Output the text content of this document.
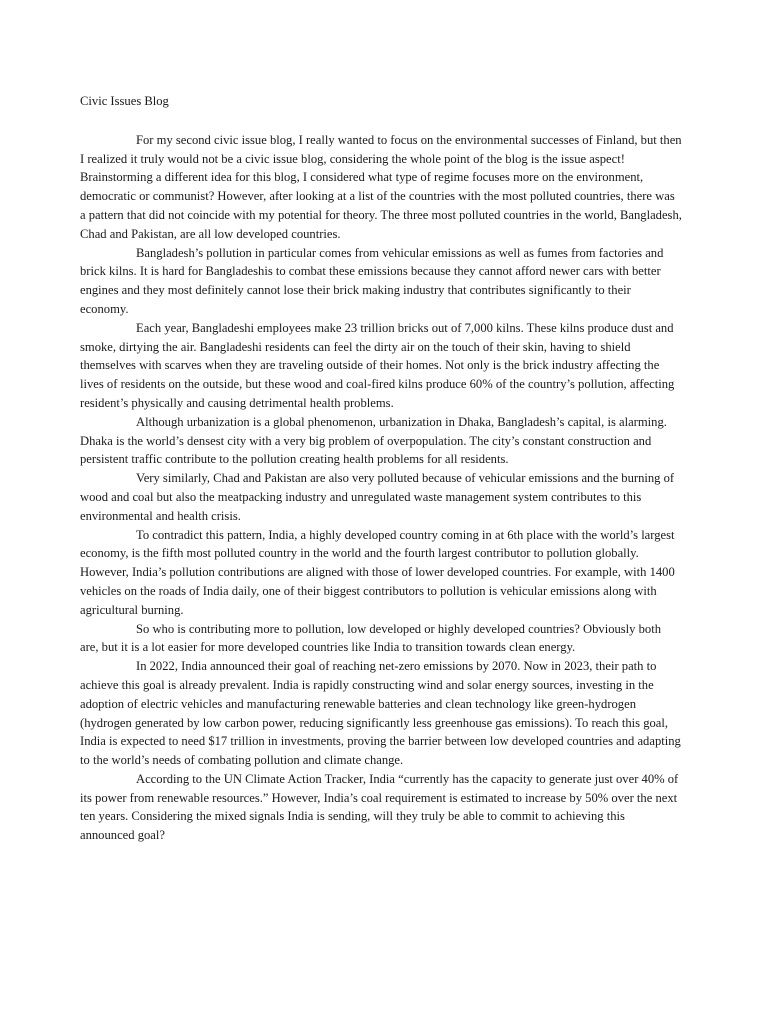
Civic Issues Blog

For my second civic issue blog, I really wanted to focus on the environmental successes of Finland, but then I realized it truly would not be a civic issue blog, considering the whole point of the blog is the issue aspect! Brainstorming a different idea for this blog, I considered what type of regime focuses more on the environment, democratic or communist? However, after looking at a list of the countries with the most polluted countries, there was a pattern that did not coincide with my potential for theory. The three most polluted countries in the world, Bangladesh, Chad and Pakistan, are all low developed countries.

Bangladesh’s pollution in particular comes from vehicular emissions as well as fumes from factories and brick kilns. It is hard for Bangladeshis to combat these emissions because they cannot afford newer cars with better engines and they most definitely cannot lose their brick making industry that contributes significantly to their economy.

Each year, Bangladeshi employees make 23 trillion bricks out of 7,000 kilns. These kilns produce dust and smoke, dirtying the air. Bangladeshi residents can feel the dirty air on the touch of their skin, having to shield themselves with scarves when they are traveling outside of their homes. Not only is the brick industry affecting the lives of residents on the outside, but these wood and coal-fired kilns produce 60% of the country’s pollution, affecting resident’s physically and causing detrimental health problems.

Although urbanization is a global phenomenon, urbanization in Dhaka, Bangladesh’s capital, is alarming. Dhaka is the world’s densest city with a very big problem of overpopulation. The city’s constant construction and persistent traffic contribute to the pollution creating health problems for all residents.

Very similarly, Chad and Pakistan are also very polluted because of vehicular emissions and the burning of wood and coal but also the meatpacking industry and unregulated waste management system contributes to this environmental and health crisis.

To contradict this pattern, India, a highly developed country coming in at 6th place with the world’s largest economy, is the fifth most polluted country in the world and the fourth largest contributor to pollution globally. However, India’s pollution contributions are aligned with those of lower developed countries. For example, with 1400 vehicles on the roads of India daily, one of their biggest contributors to pollution is vehicular emissions along with agricultural burning.

So who is contributing more to pollution, low developed or highly developed countries? Obviously both are, but it is a lot easier for more developed countries like India to transition towards clean energy.

In 2022, India announced their goal of reaching net-zero emissions by 2070. Now in 2023, their path to achieve this goal is already prevalent. India is rapidly constructing wind and solar energy sources, investing in the adoption of electric vehicles and manufacturing renewable batteries and clean technology like green-hydrogen (hydrogen generated by low carbon power, reducing significantly less greenhouse gas emissions). To reach this goal, India is expected to need $17 trillion in investments, proving the barrier between low developed countries and adapting to the world’s needs of combating pollution and climate change.

According to the UN Climate Action Tracker, India “currently has the capacity to generate just over 40% of its power from renewable resources.” However, India’s coal requirement is estimated to increase by 50% over the next ten years. Considering the mixed signals India is sending, will they truly be able to commit to achieving this announced goal?
